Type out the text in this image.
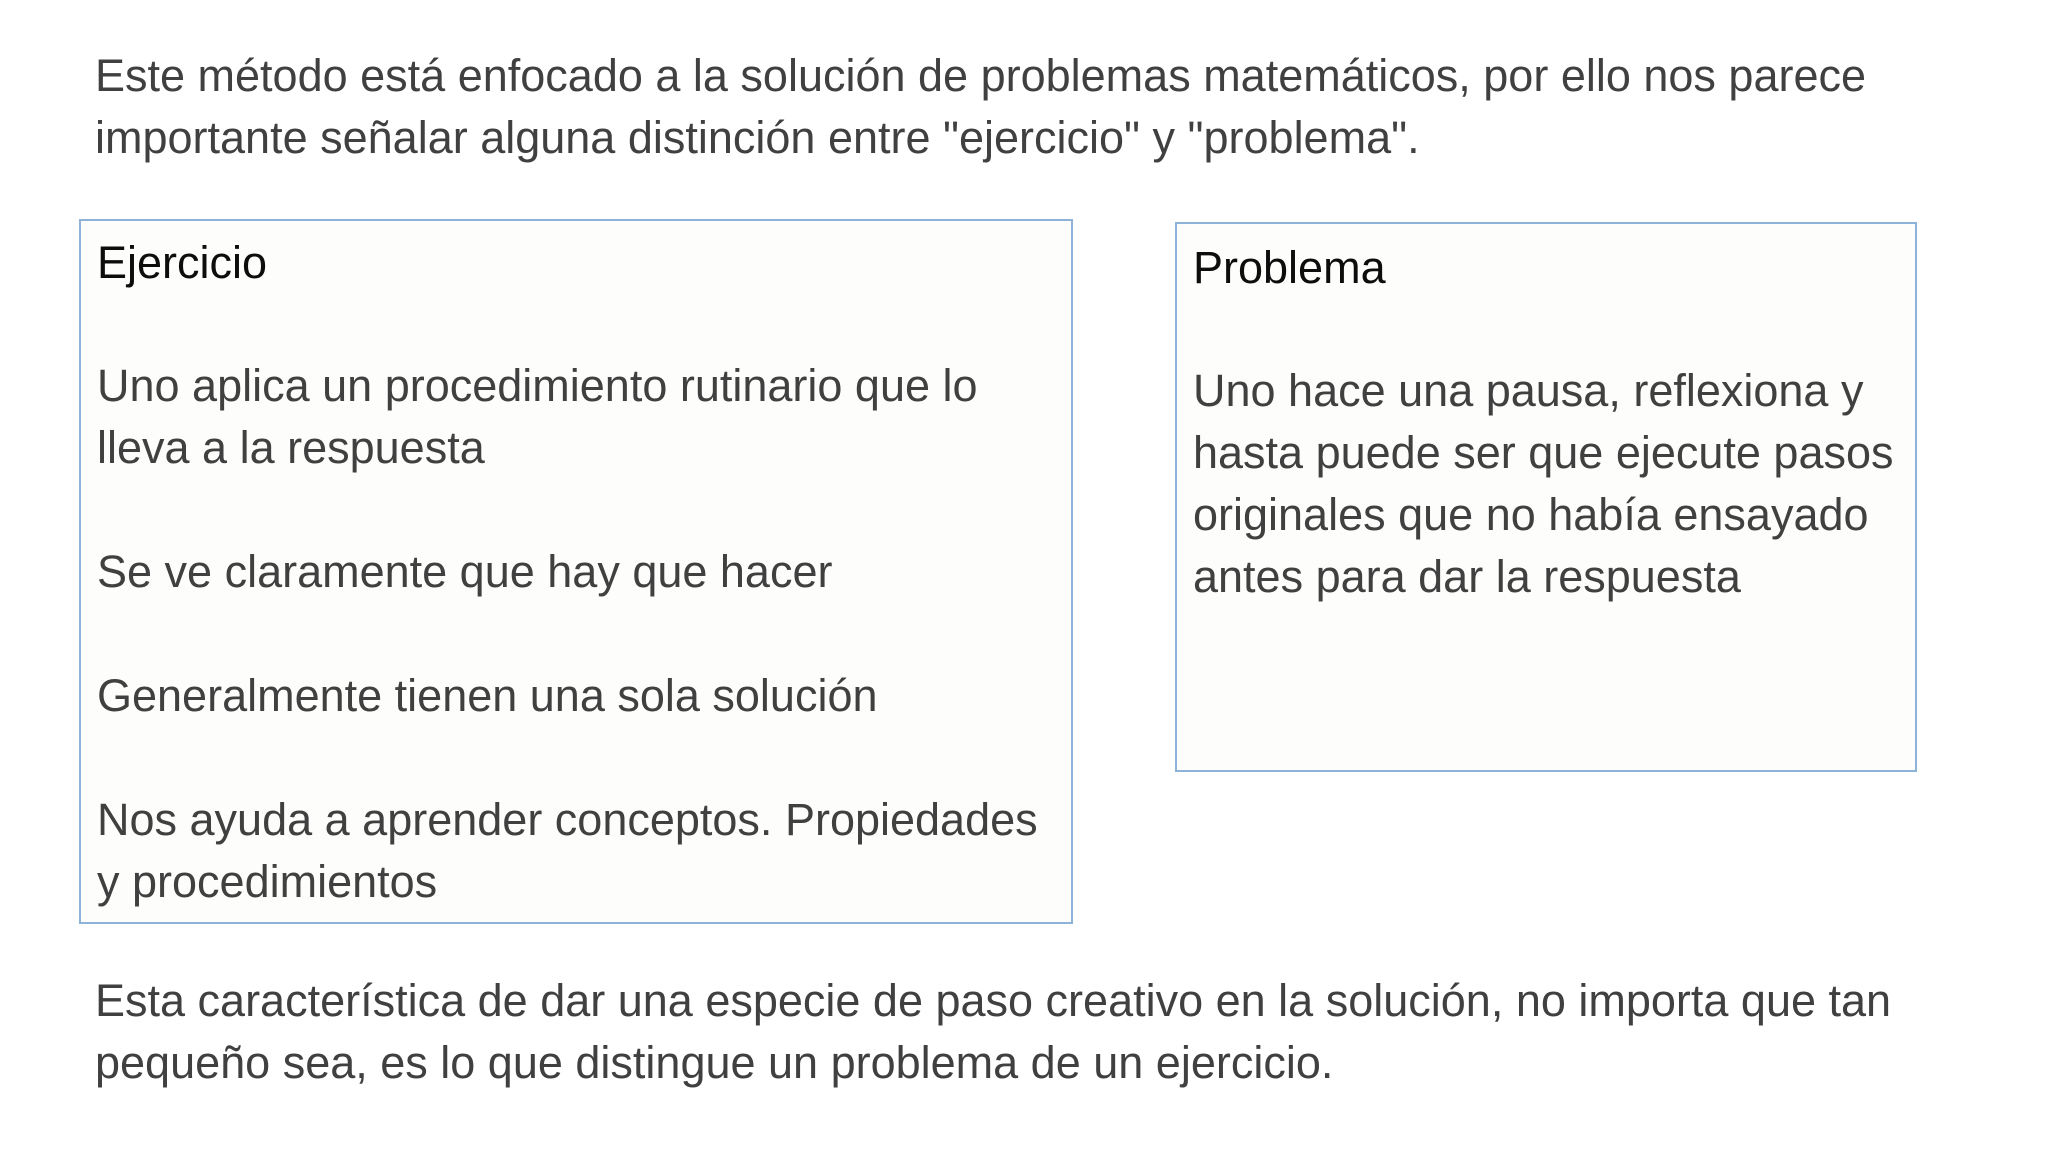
Este método está enfocado a la solución de problemas matemáticos, por ello nos parece importante señalar alguna distinción entre "ejercicio" y "problema".

Ejercicio

Uno aplica un procedimiento rutinario que lo lleva a la respuesta

Se ve claramente que hay que hacer

Generalmente tienen una sola solución

Nos ayuda a aprender conceptos. Propiedades y procedimientos

Problema

Uno hace una pausa, reflexiona y hasta puede ser que ejecute pasos originales que no había ensayado antes para dar la respuesta

Esta característica de dar una especie de paso creativo en la solución, no importa que tan pequeño sea, es lo que distingue un problema de un ejercicio.
